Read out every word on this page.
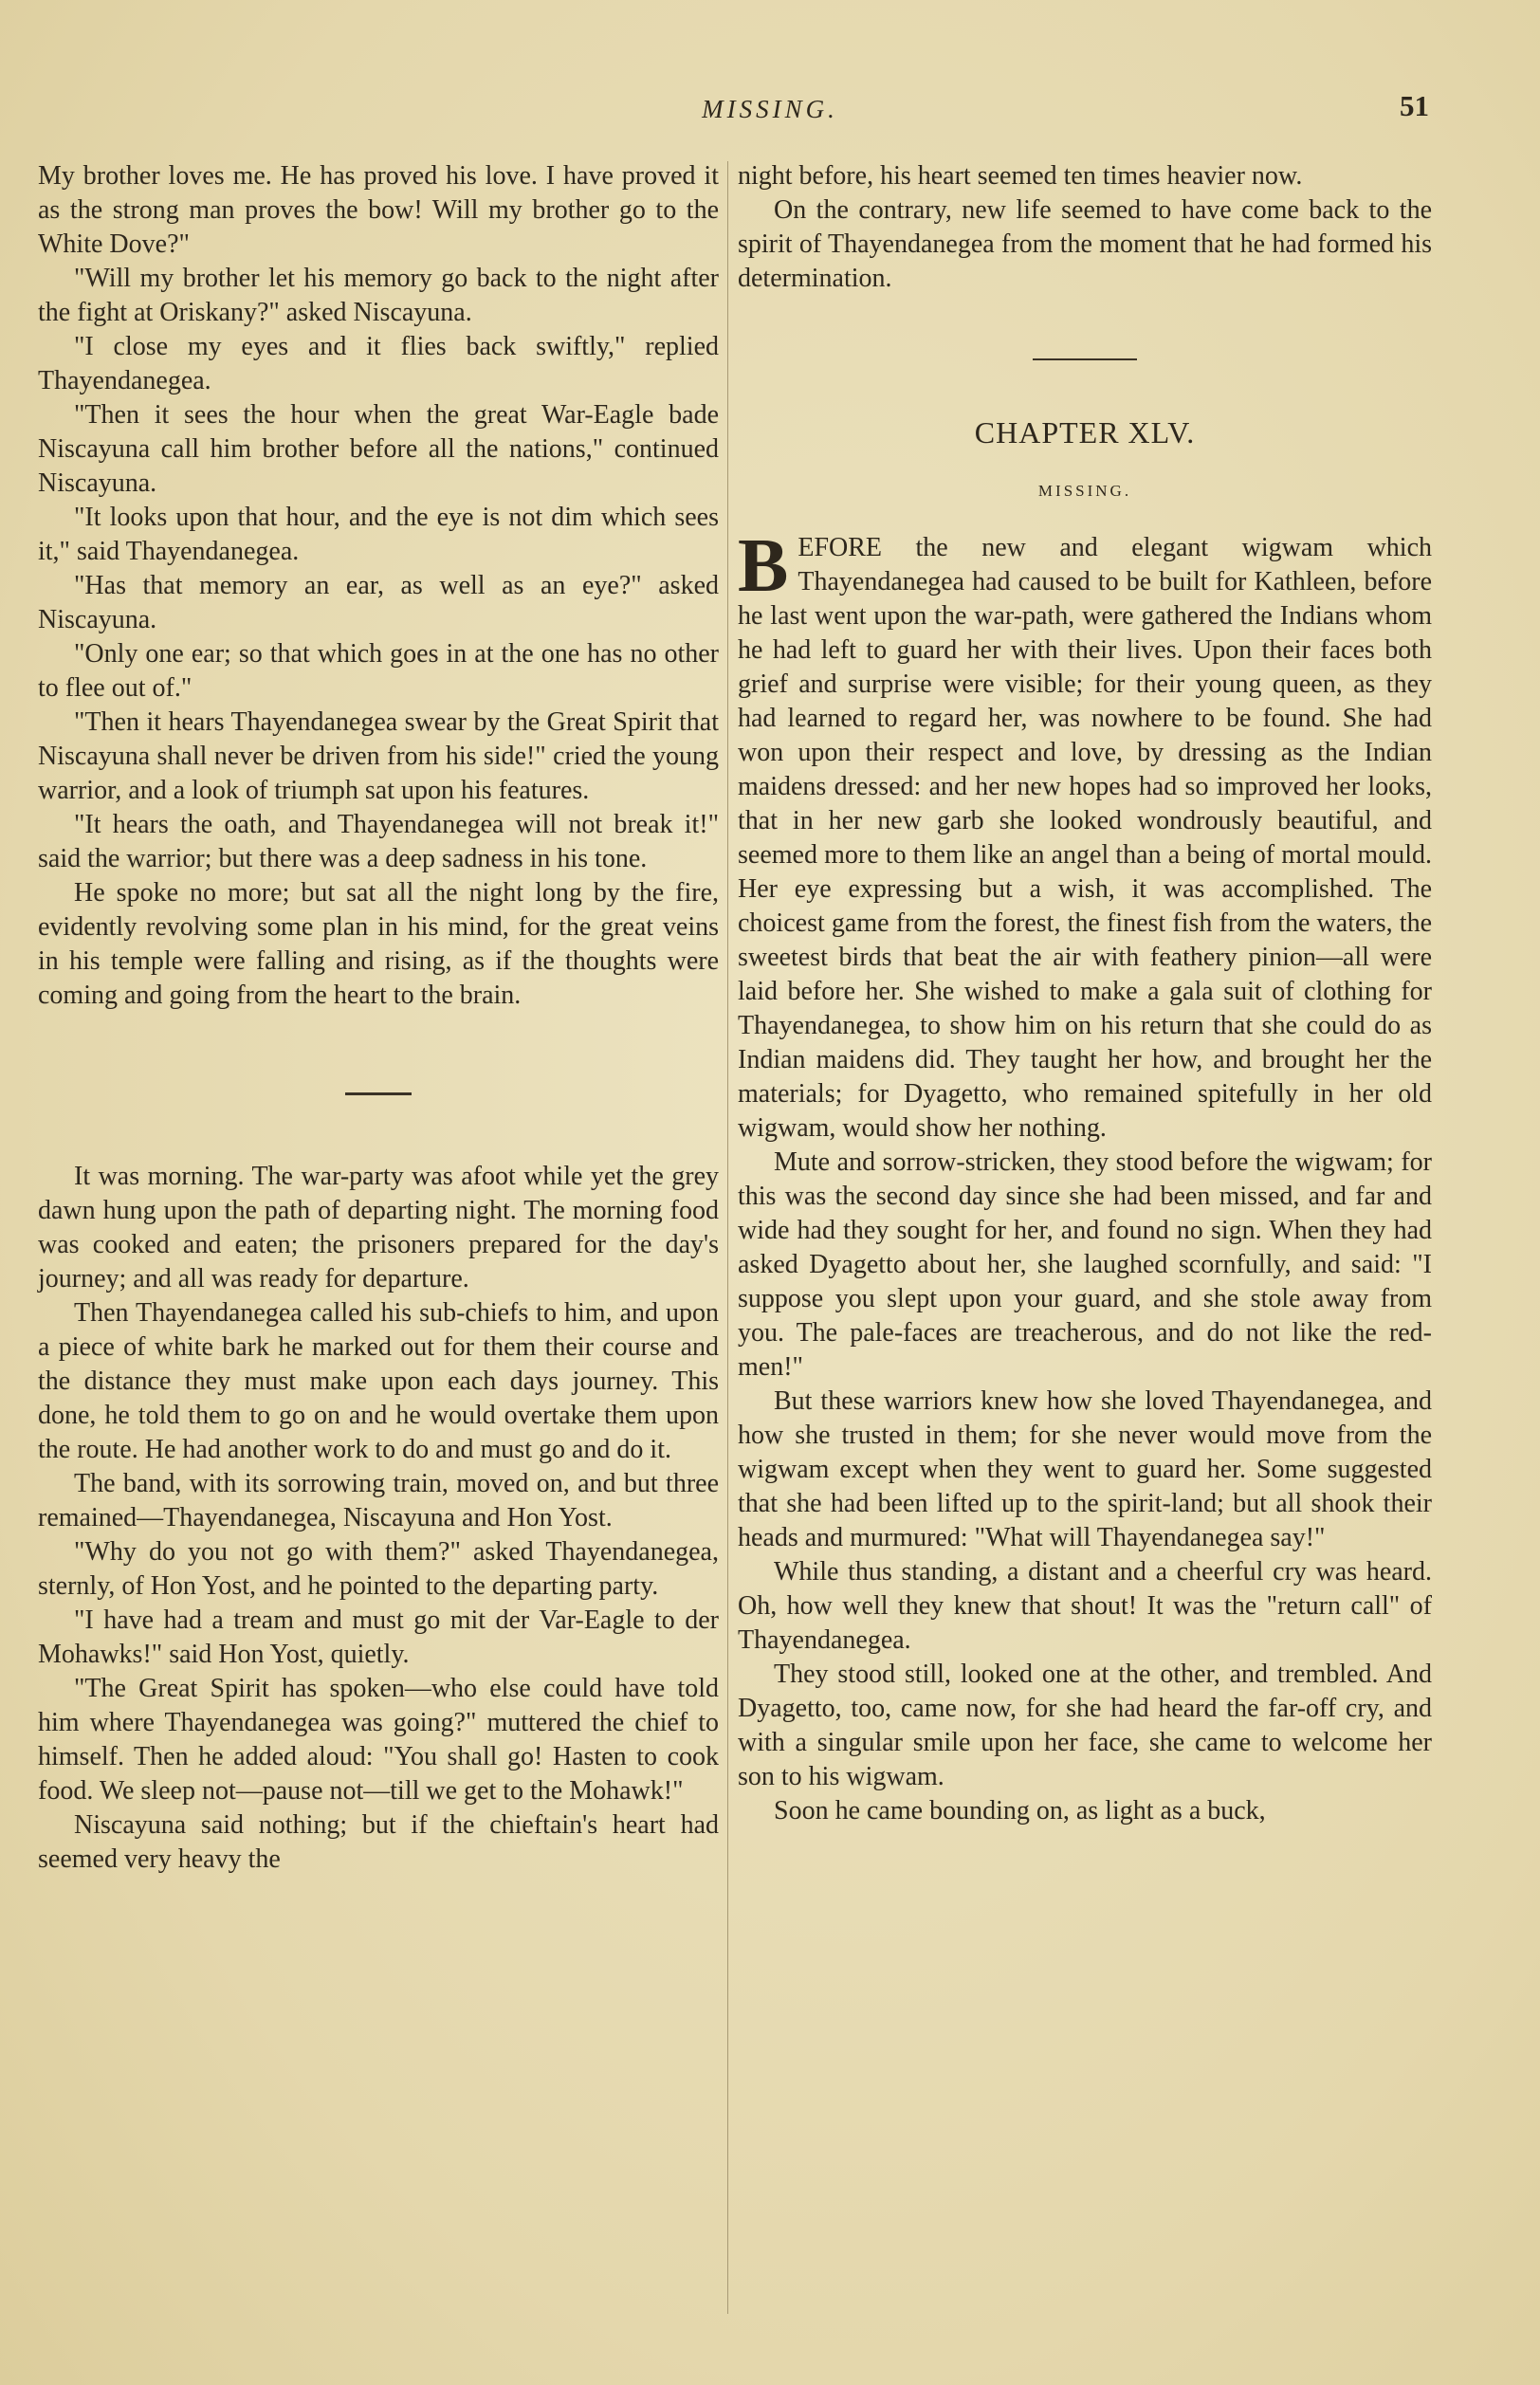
MISSING.	51

My brother loves me. He has proved his love. I have proved it as the strong man proves the bow! Will my brother go to the White Dove?"

"Will my brother let his memory go back to the night after the fight at Oriskany?" asked Niscayuna.

"I close my eyes and it flies back swiftly," replied Thayendanegea.

"Then it sees the hour when the great War-Eagle bade Niscayuna call him brother before all the nations," continued Niscayuna.

"It looks upon that hour, and the eye is not dim which sees it," said Thayendanegea.

"Has that memory an ear, as well as an eye?" asked Niscayuna.

"Only one ear; so that which goes in at the one has no other to flee out of."

"Then it hears Thayendanegea swear by the Great Spirit that Niscayuna shall never be driven from his side!" cried the young warrior, and a look of triumph sat upon his features.

"It hears the oath, and Thayendanegea will not break it!" said the warrior; but there was a deep sadness in his tone.

He spoke no more; but sat all the night long by the fire, evidently revolving some plan in his mind, for the great veins in his temple were falling and rising, as if the thoughts were coming and going from the heart to the brain.

It was morning. The war-party was afoot while yet the grey dawn hung upon the path of departing night. The morning food was cooked and eaten; the prisoners prepared for the day's journey; and all was ready for departure.

Then Thayendanegea called his sub-chiefs to him, and upon a piece of white bark he marked out for them their course and the distance they must make upon each days journey. This done, he told them to go on and he would overtake them upon the route. He had another work to do and must go and do it.

The band, with its sorrowing train, moved on, and but three remained—Thayendanegea, Niscayuna and Hon Yost.

"Why do you not go with them?" asked Thayendanegea, sternly, of Hon Yost, and he pointed to the departing party.

"I have had a tream and must go mit der Var-Eagle to der Mohawks!" said Hon Yost, quietly.

"The Great Spirit has spoken—who else could have told him where Thayendanegea was going?" muttered the chief to himself. Then he added aloud: "You shall go! Hasten to cook food. We sleep not—pause not—till we get to the Mohawk!"

Niscayuna said nothing; but if the chieftain's heart had seemed very heavy the

night before, his heart seemed ten times heavier now.

On the contrary, new life seemed to have come back to the spirit of Thayendanegea from the moment that he had formed his determination.

CHAPTER XLV.
MISSING.

BEFORE the new and elegant wigwam which Thayendanegea had caused to be built for Kathleen, before he last went upon the war-path, were gathered the Indians whom he had left to guard her with their lives. Upon their faces both grief and surprise were visible; for their young queen, as they had learned to regard her, was nowhere to be found. She had won upon their respect and love, by dressing as the Indian maidens dressed: and her new hopes had so improved her looks, that in her new garb she looked wondrously beautiful, and seemed more to them like an angel than a being of mortal mould. Her eye expressing but a wish, it was accomplished. The choicest game from the forest, the finest fish from the waters, the sweetest birds that beat the air with feathery pinion—all were laid before her. She wished to make a gala suit of clothing for Thayendanegea, to show him on his return that she could do as Indian maidens did. They taught her how, and brought her the materials; for Dyagetto, who remained spitefully in her old wigwam, would show her nothing.

Mute and sorrow-stricken, they stood before the wigwam; for this was the second day since she had been missed, and far and wide had they sought for her, and found no sign. When they had asked Dyagetto about her, she laughed scornfully, and said: "I suppose you slept upon your guard, and she stole away from you. The pale-faces are treacherous, and do not like the red-men!"

But these warriors knew how she loved Thayendanegea, and how she trusted in them; for she never would move from the wigwam except when they went to guard her. Some suggested that she had been lifted up to the spirit-land; but all shook their heads and murmured: "What will Thayendanegea say!"

While thus standing, a distant and a cheerful cry was heard. Oh, how well they knew that shout! It was the "return call" of Thayendanegea.

They stood still, looked one at the other, and trembled. And Dyagetto, too, came now, for she had heard the far-off cry, and with a singular smile upon her face, she came to welcome her son to his wigwam.

Soon he came bounding on, as light as a buck,
